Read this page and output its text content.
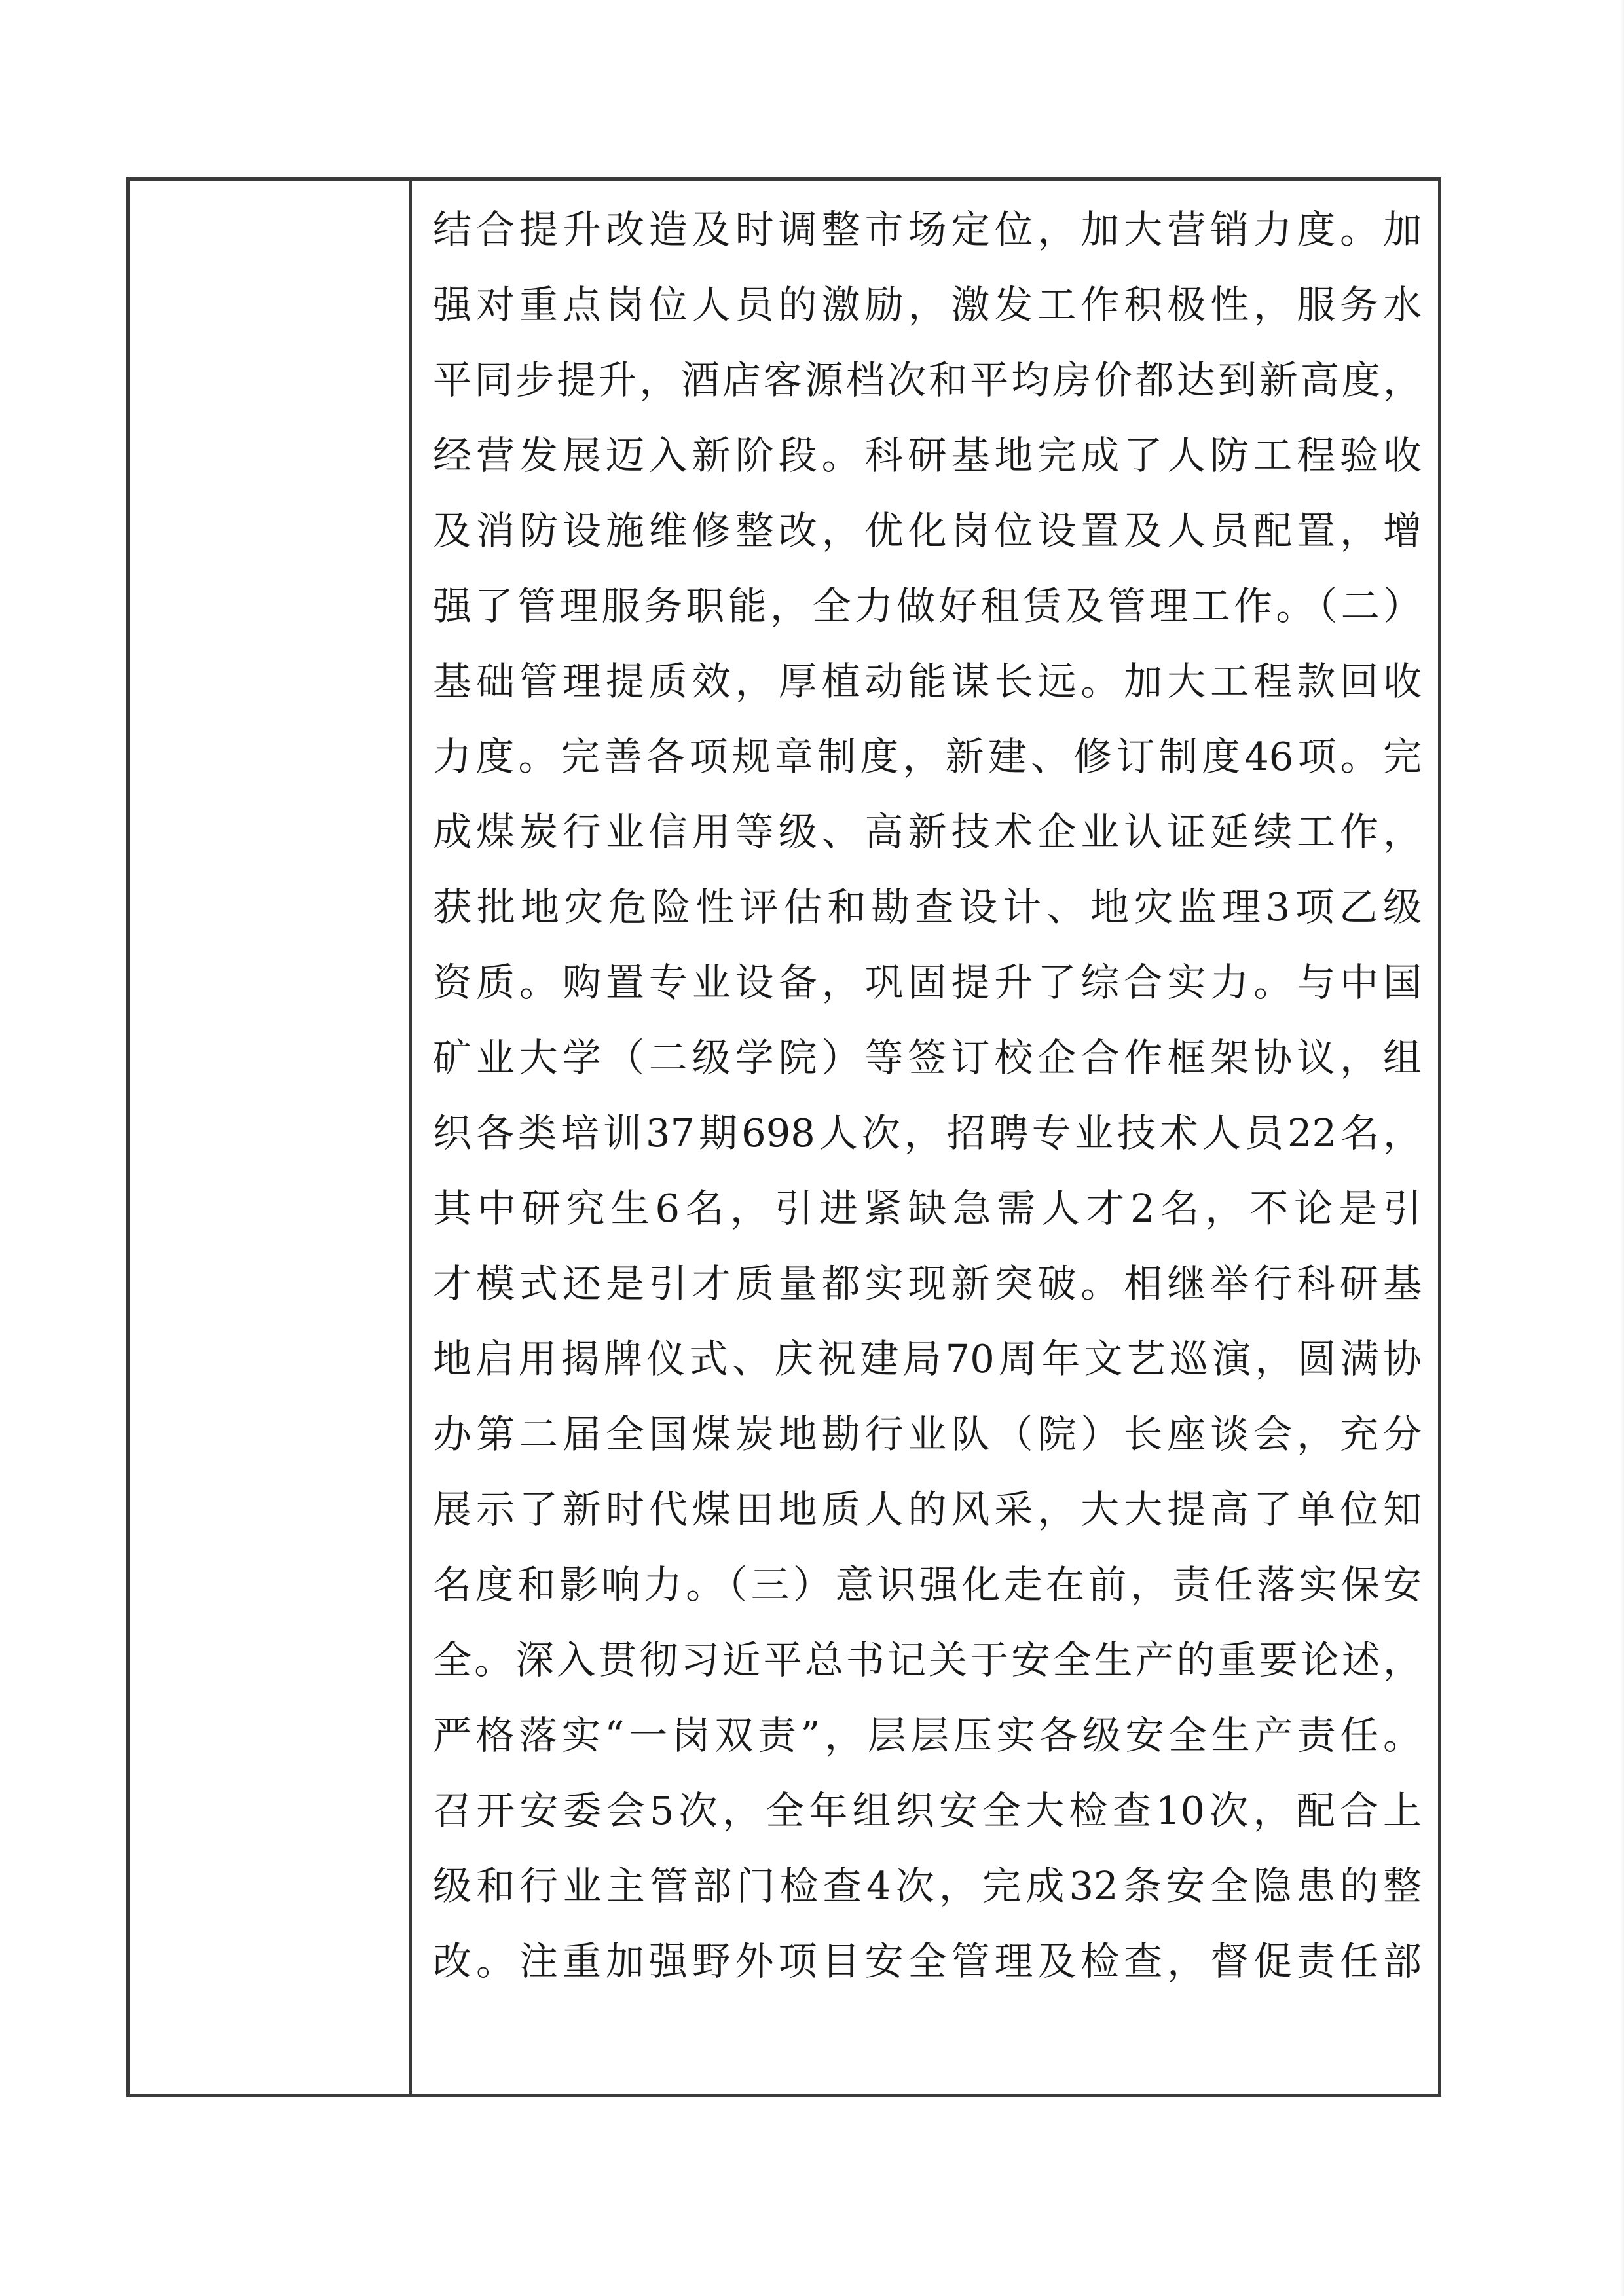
结合提升改造及时调整市场定位，加大营销力度。加
强对重点岗位人员的激励，激发工作积极性，服务水
平同步提升，酒店客源档次和平均房价都达到新高度，
经营发展迈入新阶段。科研基地完成了人防工程验收
及消防设施维修整改，优化岗位设置及人员配置，增
强了管理服务职能，全力做好租赁及管理工作。（二）
基础管理提质效，厚植动能谋长远。加大工程款回收
力度。完善各项规章制度，新建、修订制度46项。完
成煤炭行业信用等级、高新技术企业认证延续工作，
获批地灾危险性评估和勘查设计、地灾监理3项乙级
资质。购置专业设备，巩固提升了综合实力。与中国
矿业大学（二级学院）等签订校企合作框架协议，组
织各类培训37期698人次，招聘专业技术人员22名，
其中研究生6名，引进紧缺急需人才2名，不论是引
才模式还是引才质量都实现新突破。相继举行科研基
地启用揭牌仪式、庆祝建局70周年文艺巡演，圆满协
办第二届全国煤炭地勘行业队（院）长座谈会，充分
展示了新时代煤田地质人的风采，大大提高了单位知
名度和影响力。（三）意识强化走在前，责任落实保安
全。深入贯彻习近平总书记关于安全生产的重要论述，
严格落实“一岗双责”，层层压实各级安全生产责任。
召开安委会5次，全年组织安全大检查10次，配合上
级和行业主管部门检查4次，完成32条安全隐患的整
改。注重加强野外项目安全管理及检查，督促责任部
